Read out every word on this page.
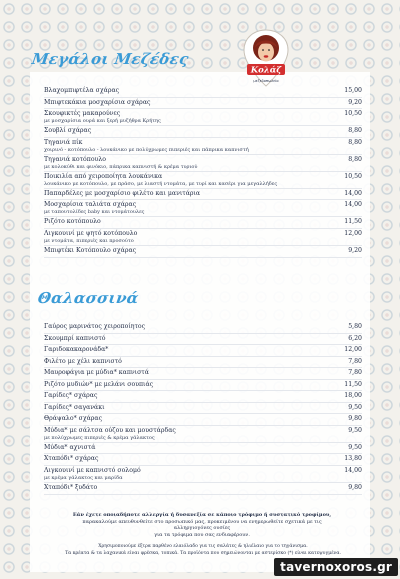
Μεγάλοι Μεζέδες
Κολάζ
μεζεδοπωλείο
Βλαχομπιφτέλα σχάρας	15,00
Μπιφτεκάκια μοσχαρίσια σχάρας	9,20
Σκουφικτές μακαρούνες
με μοσχαρίσια ουρά και ξερή μυζήθρα Κρήτης
10,50
Σουβλί σχάρας	8,80
Τηγανιά πίκ
χοιρινό - κοτόπουλο - λουκάνικο με πολύχρωμες πιπεριές και πάπρικα καπνιστή
8,80
Τηγανιά κοτόπουλο
με κολοκύθι και φινόκιο, πάπρικα καπνιστή & κρέμα τυριού
8,80
Ποικιλία από χειροποίητα λουκάνικα
λουκάνικο με κοτόπουλο, με πράσο, με λιαστή ντομάτα, με τυρί και κασέρι για μεγαλλήδες
10,50
Παπαρδέλες με μοσχαρίσιο φιλέτο και μανιτάρια	14,00
Μοσχαρίσια ταλιάτα σχάρας
με ταπουτολίδες baby και ντομάτουλες
14,00
Ριζότο κοτόπουλο	11,50
Λιγκουινί με ψητό κοτόπουλο
με ντομάτα, πιπεριές και προσούτο
12,00
Μπιφτέκι Κοτόπουλο σχάρας	9,20
Θαλασσινά
Γαύρος μαρινάτος χειροποίητος	5,80
Σκουμπρί καπνιστό	6,20
Γαριδοκακαρονάδα*	12,00
Φιλέτο με χέλι καπνιστό	7,80
Μαυροφάγια με μύδια* καπνιστά	7,80
Ριζότο μυδιών* με μελάνι σουπιάς	11,50
Γαρίδες* σχάρας	18,00
Γαρίδες* σαγανάκι	9,50
Θράψαλο* σχάρας	9,80
Μύδια* με σάλτσα ούζου και μουστάρδας
με πολύχρωμες πιπεριές & κρέμα γάλακτος
9,50
Μύδια* αχνιστά	9,50
Χταπόδι* σχάρας	13,80
Λιγκουινί με καπνιστό σολομό
με κρέμα γάλακτος και μαρίδα
14,00
Χταπόδι* ξυδάτο	9,80
Εάν έχετε οποιαδήποτε αλλεργία ή δυσανεξία σε κάποιο τρόφιμο ή συστατικό τροφίμου,
παρακαλούμε απευθυνθείτε στο προσωπικό μας, προκειμένου να ενημερωθείτε σχετικά με τις αλληργιογόνες ουσίες
για τα τρόφιμα που σας ενδιαφέρουν.
Χρησιμοποιούμε έξτρα παρθένο ελαιόλαδο για τις σαλάτες & ηλιέλαιο για το τηγάνισμα.
Τα κρέατα & τα λαχανικά είναι φρέσκα, τοπικά. Τα προϊόντα που σημειώνονται με αστερίσκο (*) είναι κατεψυγμένα.
tavernoxoros.gr
